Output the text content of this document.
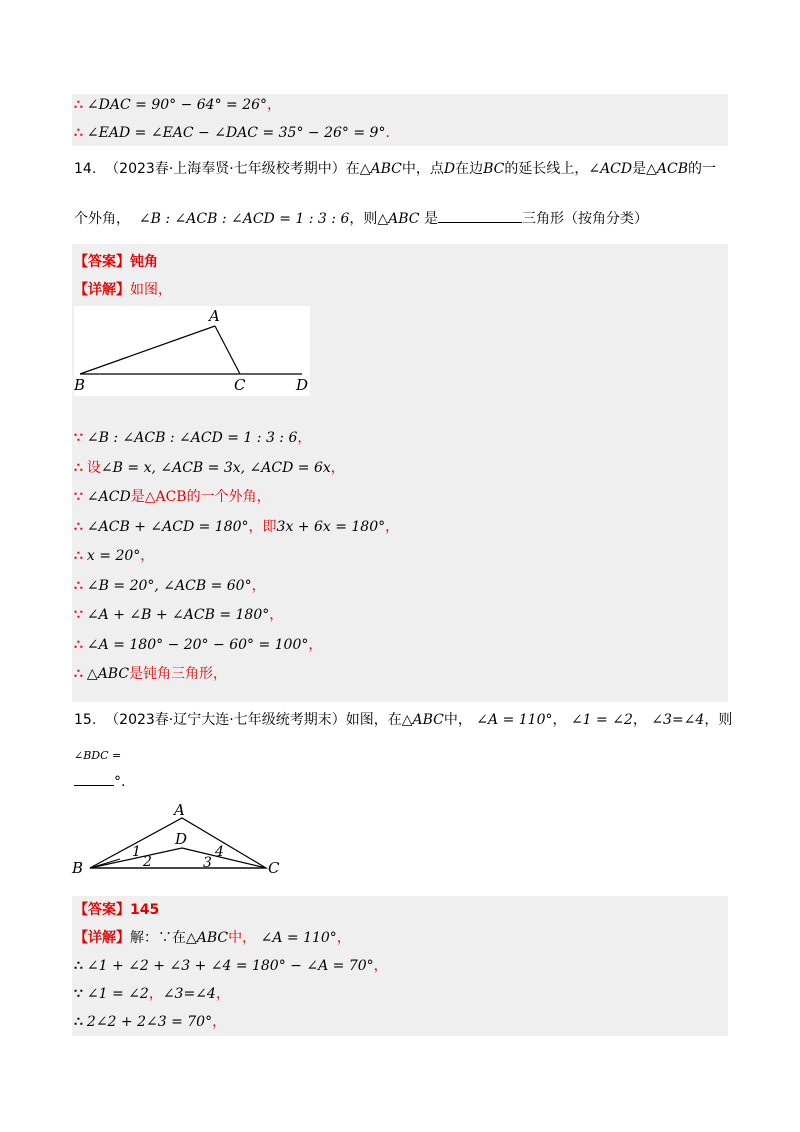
∴ ∠DAC = 90° − 64° = 26°，
∴ ∠EAD = ∠EAC − ∠DAC = 35° − 26° = 9°．
14. （2023春·上海奉贤·七年级校考期中）在△ABC中，点D在边BC的延长线上，∠ACD是△ACB的一
个外角， ∠B : ∠ACB : ∠ACD = 1 : 3 : 6，则△ABC 是	三角形（按角分类）
【答案】钝角
【详解】如图，
A
B	C	D
∵ ∠B : ∠ACB : ∠ACD = 1 : 3 : 6，
∴ 设∠B = x, ∠ACB = 3x, ∠ACD = 6x，
∵ ∠ACD是△ACB的一个外角，
∴ ∠ACB + ∠ACD = 180°，即3x + 6x = 180°，
∴ x = 20°，
∴ ∠B = 20°, ∠ACB = 60°，
∵ ∠A + ∠B + ∠ACB = 180°，
∴ ∠A = 180° − 20° − 60° = 100°，
∴ △ABC是钝角三角形，
15. （2023春·辽宁大连·七年级统考期末）如图，在△ABC中， ∠A = 110°， ∠1 = ∠2， ∠3=∠4，则
∠BDC =
°.
A
B	C
D
1
2	3
4
【答案】145
【详解】解：∵在△ABC中， ∠A = 110°，
∴ ∠1 + ∠2 + ∠3 + ∠4 = 180° − ∠A = 70°，
∵ ∠1 = ∠2，∠3=∠4，
∴ 2∠2 + 2∠3 = 70°，
